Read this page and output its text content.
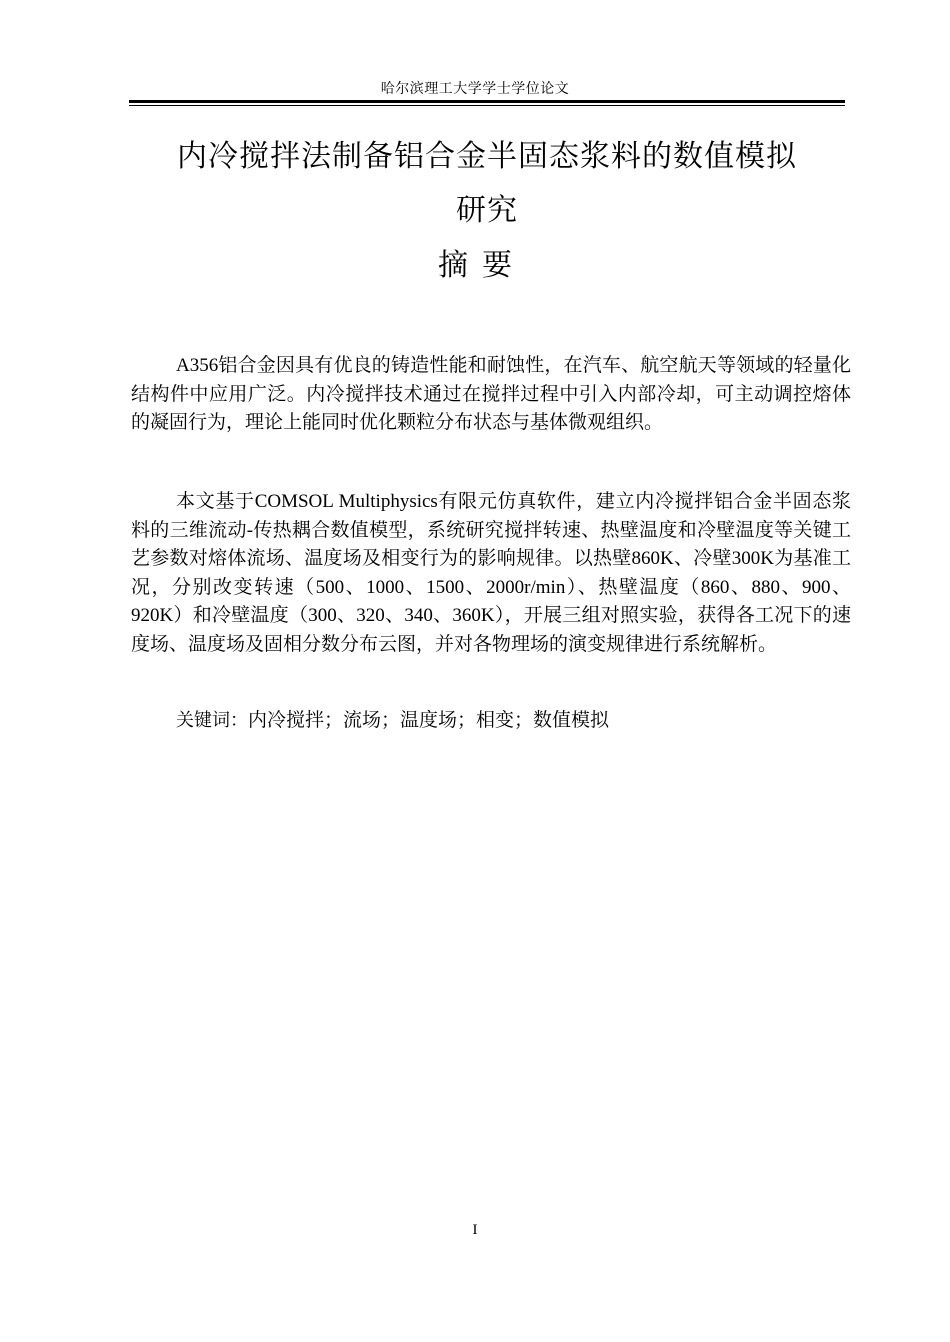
哈尔滨理工大学学士学位论文
内冷搅拌法制备铝合金半固态浆料的数值模拟
研究
摘要
A356铝合金因具有优良的铸造性能和耐蚀性，在汽车、航空航天等领域的轻量化结构件中应用广泛。内冷搅拌技术通过在搅拌过程中引入内部冷却，可主动调控熔体的凝固行为，理论上能同时优化颗粒分布状态与基体微观组织。
本文基于COMSOL Multiphysics有限元仿真软件，建立内冷搅拌铝合金半固态浆料的三维流动-传热耦合数值模型，系统研究搅拌转速、热壁温度和冷壁温度等关键工艺参数对熔体流场、温度场及相变行为的影响规律。以热壁860K、冷壁300K为基准工况，分别改变转速（500、1000、1500、2000r/min）、热壁温度（860、880、900、920K）和冷壁温度（300、320、340、360K），开展三组对照实验，获得各工况下的速度场、温度场及固相分数分布云图，并对各物理场的演变规律进行系统解析。
关键词：内冷搅拌；流场；温度场；相变；数值模拟
I
